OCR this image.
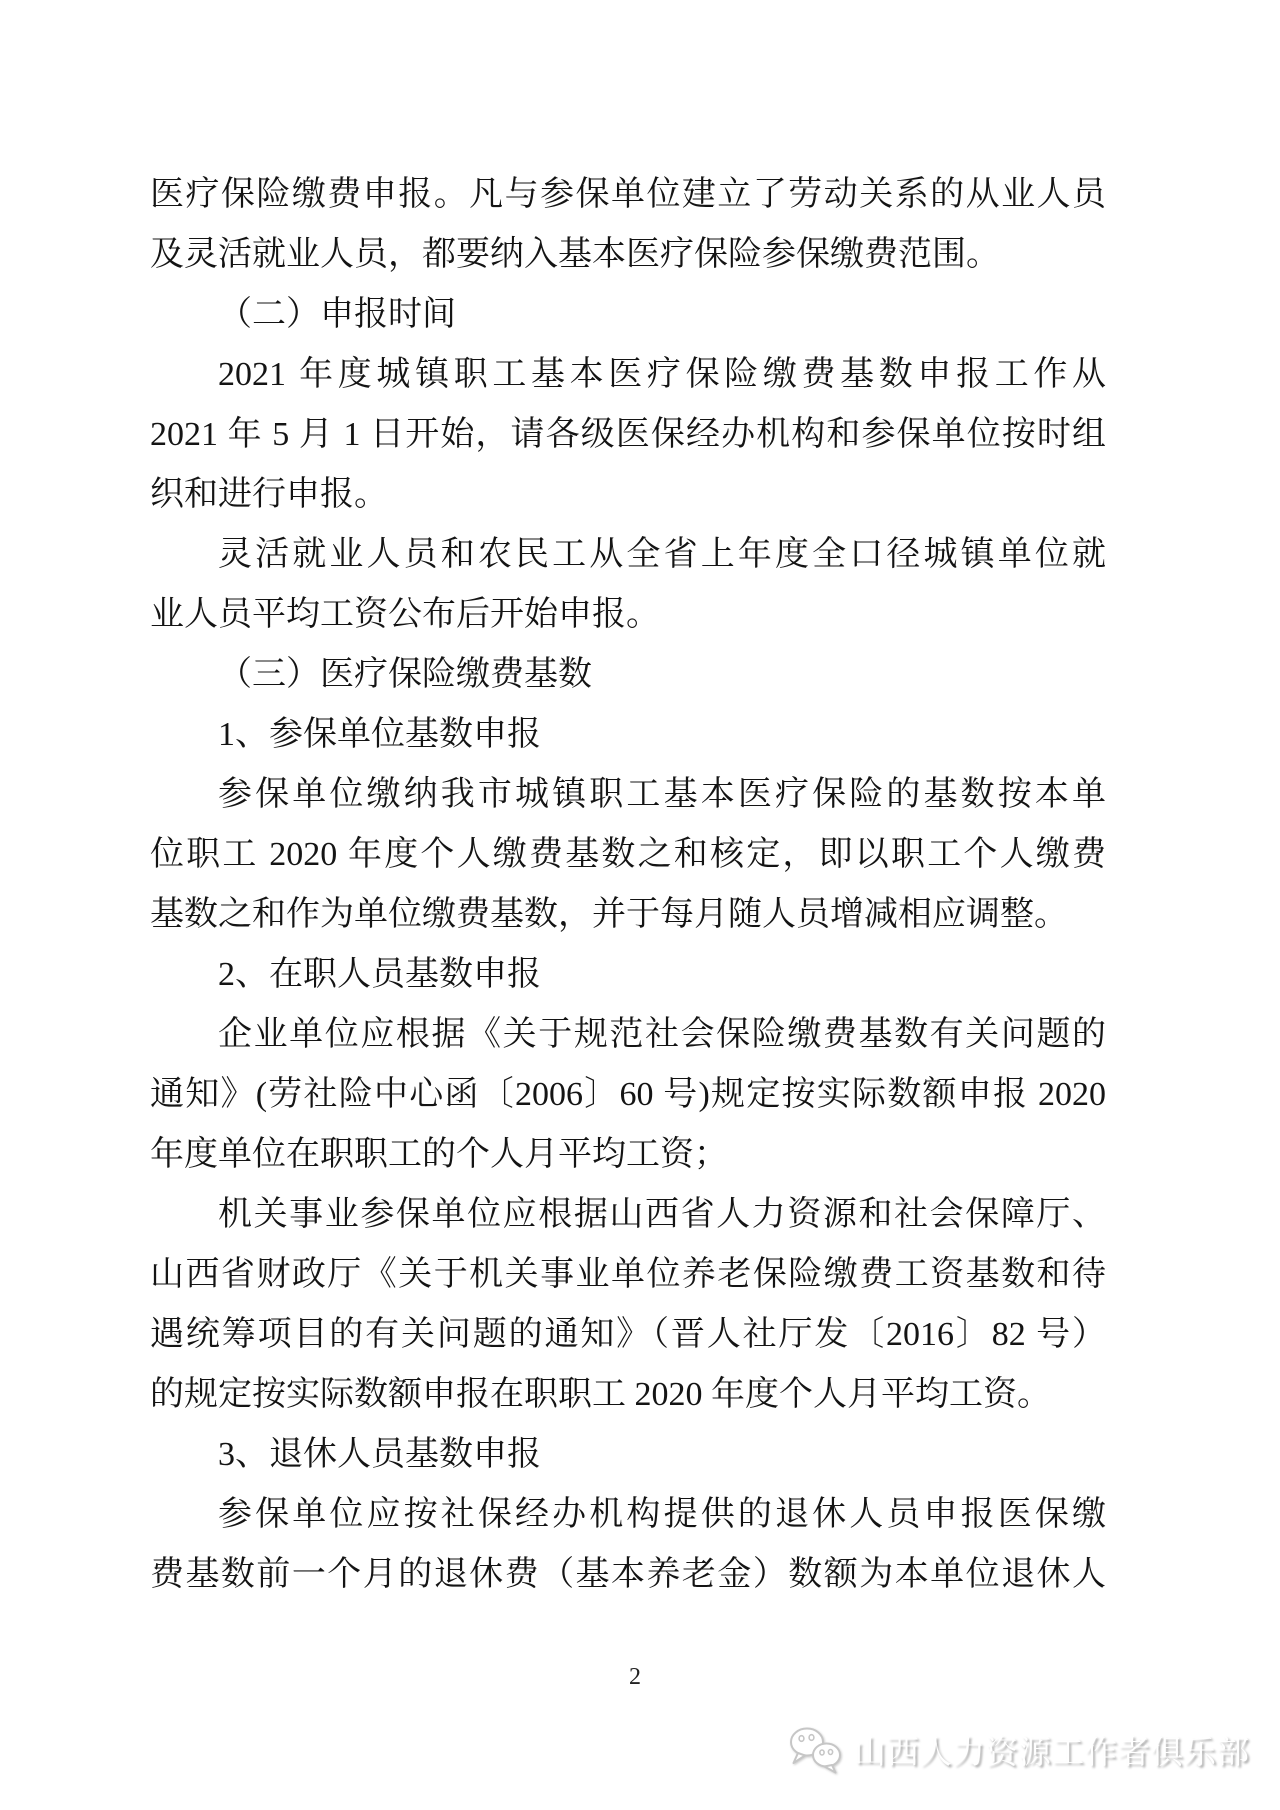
医疗保险缴费申报。凡与参保单位建立了劳动关系的从业人员
及灵活就业人员，都要纳入基本医疗保险参保缴费范围。
（二）申报时间
2021 年度城镇职工基本医疗保险缴费基数申报工作从
2021 年 5 月 1 日开始，请各级医保经办机构和参保单位按时组
织和进行申报。
灵活就业人员和农民工从全省上年度全口径城镇单位就
业人员平均工资公布后开始申报。
（三）医疗保险缴费基数
1、参保单位基数申报
参保单位缴纳我市城镇职工基本医疗保险的基数按本单
位职工 2020 年度个人缴费基数之和核定，即以职工个人缴费
基数之和作为单位缴费基数，并于每月随人员增减相应调整。
2、在职人员基数申报
企业单位应根据《关于规范社会保险缴费基数有关问题的
通知》(劳社险中心函〔2006〕60 号)规定按实际数额申报 2020
年度单位在职职工的个人月平均工资；
机关事业参保单位应根据山西省人力资源和社会保障厅、
山西省财政厅《关于机关事业单位养老保险缴费工资基数和待
遇统筹项目的有关问题的通知》（晋人社厅发〔2016〕82 号）
的规定按实际数额申报在职职工 2020 年度个人月平均工资。
3、退休人员基数申报
参保单位应按社保经办机构提供的退休人员申报医保缴
费基数前一个月的退休费（基本养老金）数额为本单位退休人
2
山西人力资源工作者俱乐部
